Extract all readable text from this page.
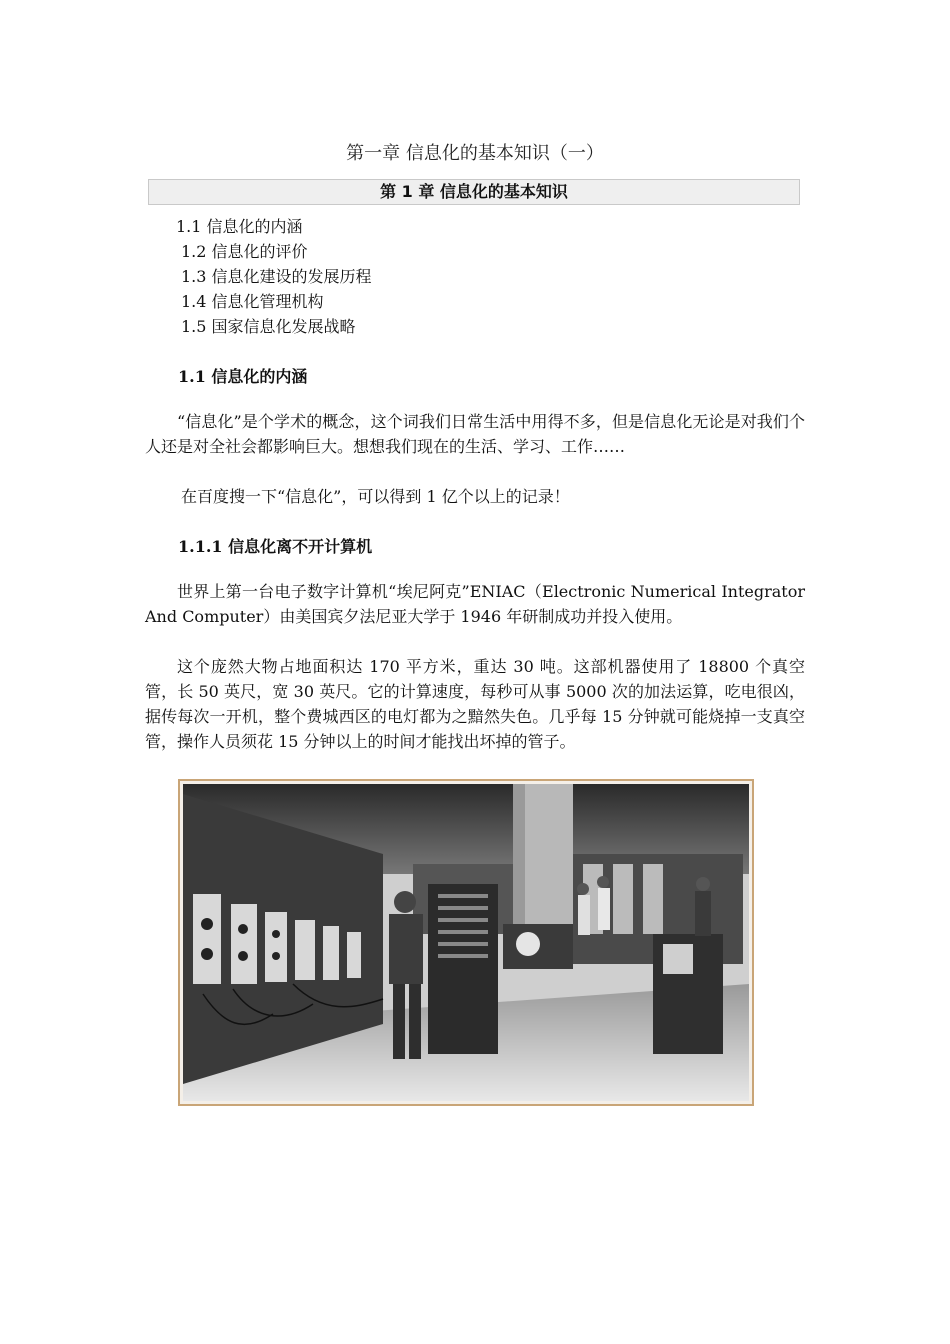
第一章 信息化的基本知识（一）
第 1 章 信息化的基本知识
1.1 信息化的内涵
1.2 信息化的评价
1.3 信息化建设的发展历程
1.4 信息化管理机构
1.5 国家信息化发展战略
1.1 信息化的内涵
“信息化”是个学术的概念，这个词我们日常生活中用得不多，但是信息化无论是对我们个人还是对全社会都影响巨大。想想我们现在的生活、学习、工作……
在百度搜一下“信息化”，可以得到 1 亿个以上的记录！
1.1.1 信息化离不开计算机
世界上第一台电子数字计算机“埃尼阿克”ENIAC（Electronic Numerical Integrator And Computer）由美国宾夕法尼亚大学于 1946 年研制成功并投入使用。
这个庞然大物占地面积达 170 平方米，重达 30 吨。这部机器使用了 18800 个真空管，长 50 英尺，宽 30 英尺。它的计算速度，每秒可从事 5000 次的加法运算，吃电很凶，据传每次一开机，整个费城西区的电灯都为之黯然失色。几乎每 15 分钟就可能烧掉一支真空管，操作人员须花 15 分钟以上的时间才能找出坏掉的管子。
